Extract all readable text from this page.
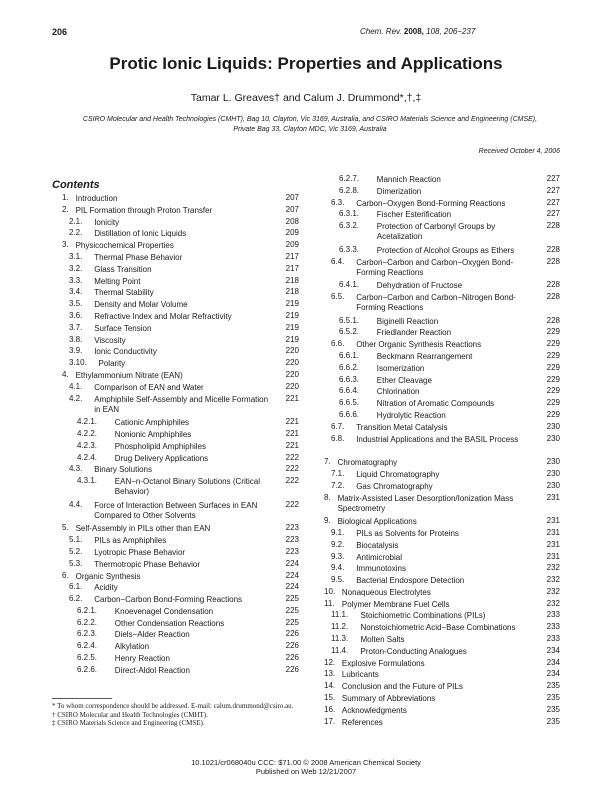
206	Chem. Rev. 2008, 108, 206−237
Protic Ionic Liquids: Properties and Applications
Tamar L. Greaves† and Calum J. Drummond*,†,‡
CSIRO Molecular and Health Technologies (CMHT), Bag 10, Clayton, Vic 3169, Australia, and CSIRO Materials Science and Engineering (CMSE),
Private Bag 33, Clayton MDC, Vic 3169, Australia
Received October 4, 2006
Contents
1. Introduction	207
2. PIL Formation through Proton Transfer	207
2.1. Ionicity	208
2.2. Distillation of Ionic Liquids	209
3. Physicochemical Properties	209
3.1. Thermal Phase Behavior	217
3.2. Glass Transition	217
3.3. Melting Point	218
3.4. Thermal Stability	218
3.5. Density and Molar Volume	219
3.6. Refractive Index and Molar Refractivity	219
3.7. Surface Tension	219
3.8. Viscosity	219
3.9. Ionic Conductivity	220
3.10. Polarity	220
4. Ethylammonium Nitrate (EAN)	220
4.1. Comparison of EAN and Water	220
4.2. Amphiphile Self-Assembly and Micelle Formation in EAN
221
4.2.1. Cationic Amphiphiles	221
4.2.2. Nonionic Amphiphiles	221
4.2.3. Phospholipid Amphiphiles	221
4.2.4. Drug Delivery Applications	222
4.3. Binary Solutions	222
4.3.1. EAN−n-Octanol Binary Solutions (Critical Behavior)
222
4.4. Force of Interaction Between Surfaces in EAN Compared to Other Solvents
222
5. Self-Assembly in PILs other than EAN	223
5.1. PILs as Amphiphiles	223
5.2. Lyotropic Phase Behavior	223
5.3. Thermotropic Phase Behavior	224
6. Organic Synthesis	224
6.1. Acidity	224
6.2. Carbon−Carbon Bond-Forming Reactions	225
6.2.1. Knoevenagel Condensation	225
6.2.2. Other Condensation Reactions	225
6.2.3. Diels−Alder Reaction	226
6.2.4. Alkylation	226
6.2.5. Henry Reaction	226
6.2.6. Direct-Aldol Reaction	226
6.2.7. Mannich Reaction	227
6.2.8. Dimerization	227
6.3. Carbon−Oxygen Bond-Forming Reactions	227
6.3.1. Fischer Esterification	227
6.3.2. Protection of Carbonyl Groups by Acetalization
228
6.3.3. Protection of Alcohol Groups as Ethers	228
6.4. Carbon−Carbon and Carbon−Oxygen Bond-Forming Reactions
228
6.4.1. Dehydration of Fructose	228
6.5. Carbon−Carbon and Carbon−Nitrogen Bond-Forming Reactions
228
6.5.1. Biginelli Reaction	228
6.5.2. Friedlander Reaction	229
6.6. Other Organic Synthesis Reactions	229
6.6.1. Beckmann Rearrangement	229
6.6.2. Isomerization	229
6.6.3. Ether Cleavage	229
6.6.4. Chlorination	229
6.6.5. Nitration of Aromatic Compounds	229
6.6.6. Hydrolytic Reaction	229
6.7. Transition Metal Catalysis	230
6.8. Industrial Applications and the BASIL Process	230
7. Chromatography	230
7.1. Liquid Chromatography	230
7.2. Gas Chromatography	230
8. Matrix-Assisted Laser Desorption/Ionization Mass Spectrometry
231
9. Biological Applications	231
9.1. PILs as Solvents for Proteins	231
9.2. Biocatalysis	231
9.3. Antimicrobial	231
9.4. Immunotoxins	232
9.5. Bacterial Endospore Detection	232
10. Nonaqueous Electrolytes	232
11. Polymer Membrane Fuel Cells	232
11.1. Stoichiometric Combinations (PILs)	233
11.2. Nonstoichiometric Acid−Base Combinations	233
11.3. Molten Salts	233
11.4. Proton-Conducting Analogues	234
12. Explosive Formulations	234
13. Lubricants	234
14. Conclusion and the Future of PILs	235
15. Summary of Abbreviations	235
16. Acknowledgments	235
17. References	235
* To whom correspondence should be addressed. E-mail: calum.drummond@csiro.au.
† CSIRO Molecular and Health Technologies (CMHT).
‡ CSIRO Materials Science and Engineering (CMSE).
10.1021/cr068040u CCC: $71.00 © 2008 American Chemical Society
Published on Web 12/21/2007
